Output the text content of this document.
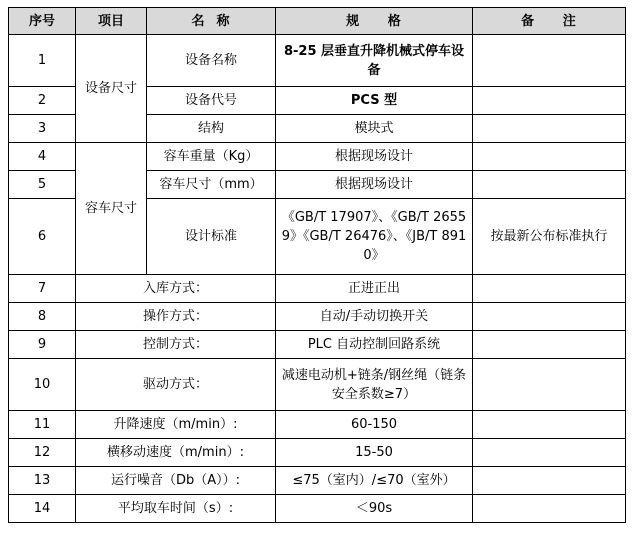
序号	项目	名  称	规     格	备     注
1	设备尺寸	设备名称	8-25 层垂直升降机械式停车设备	
2		设备代号	PCS 型	
3		结构	模块式	
4	容车尺寸	容车重量（Kg）	根据现场设计	
5		容车尺寸（mm）	根据现场设计	
6		设计标准	《GB/T 17907》、《GB/T 26559》《GB/T 26476》、《JB/T 8910》	按最新公布标准执行
7	入库方式：		正进正出	
8	操作方式：		自动/手动切换开关	
9	控制方式：		PLC 自动控制回路系统	
10	驱动方式：		减速电动机+链条/钢丝绳（链条安全系数≥7）	
11	升降速度（m/min）:		60-150	
12	横移动速度（m/min）:		15-50	
13	运行噪音（Db（A））:		≤75（室内）/≤70（室外）	
14	平均取车时间（s）:		＜90s	
